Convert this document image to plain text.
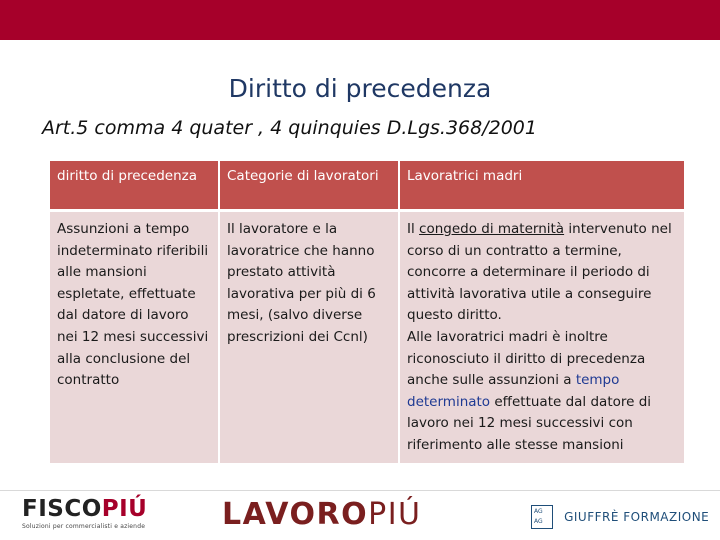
Diritto di precedenza
Art.5 comma 4 quater , 4 quinquies D.Lgs.368/2001
diritto di precedenza	Categorie di lavoratori	Lavoratrici madri
Assunzioni a tempo indeterminato riferibili alle mansioni espletate, effettuate dal datore di lavoro nei 12 mesi successivi alla conclusione del contratto	Il lavoratore e la lavoratrice che hanno prestato attività lavorativa per più di 6 mesi, (salvo diverse prescrizioni dei Ccnl)	Il congedo di maternità intervenuto nel corso di un contratto a termine, concorre a determinare il periodo di attività lavorativa utile a conseguire questo diritto.
Alle lavoratrici madri è inoltre riconosciuto il diritto di precedenza anche sulle assunzioni a tempo determinato effettuate dal datore di lavoro nei 12 mesi successivi con riferimento alle stesse mansioni
FISCOPIÚ
Soluzioni per commercialisti e aziende	LAVOROPIÚ	AG
AG GIUFFRÈ FORMAZIONE
